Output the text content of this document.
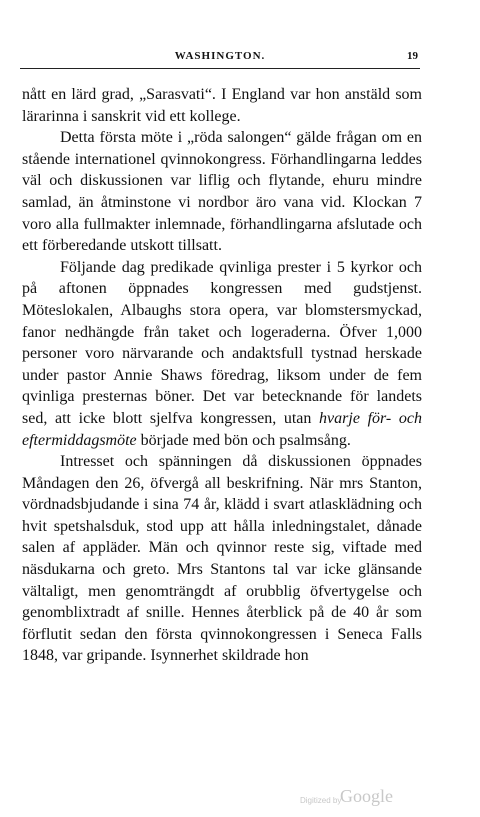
WASHINGTON.	19

nått en lärd grad, „Sarasvati“. I England var hon anstäld som lärarinna i sanskrit vid ett kollege.

Detta första möte i „röda salongen“ gälde frågan om en stående internationel qvinnokongress. Förhandlingarna leddes väl och diskussionen var liflig och flytande, ehuru mindre samlad, än åtminstone vi nordbor äro vana vid. Klockan 7 voro alla fullmakter inlemnade, förhandlingarna afslutade och ett förberedande utskott tillsatt.

Följande dag predikade qvinliga prester i 5 kyrkor och på aftonen öppnades kongressen med gudstjenst. Möteslokalen, Albaughs stora opera, var blomstersmyckad, fanor nedhängde från taket och logeraderna. Öfver 1,000 personer voro närvarande och andaktsfull tystnad herskade under pastor Annie Shaws föredrag, liksom under de fem qvinliga presternas böner. Det var betecknande för landets sed, att icke blott sjelfva kongressen, utan hvarje för- och eftermiddagsmöte började med bön och psalmsång.

Intresset och spänningen då diskussionen öppnades Måndagen den 26, öfvergå all beskrifning. När mrs Stanton, vördnadsbjudande i sina 74 år, klädd i svart atlasklädning och hvit spetshalsduk, stod upp att hålla inledningstalet, dånade salen af appläder. Män och qvinnor reste sig, viftade med näsdukarna och greto. Mrs Stantons tal var icke glänsande vältaligt, men genomträngdt af orubblig öfvertygelse och genomblixtradt af snille. Hennes återblick på de 40 år som förflutit sedan den första qvinnokongressen i Seneca Falls 1848, var gripande. Isynnerhet skildrade hon

Digitized by
Google
